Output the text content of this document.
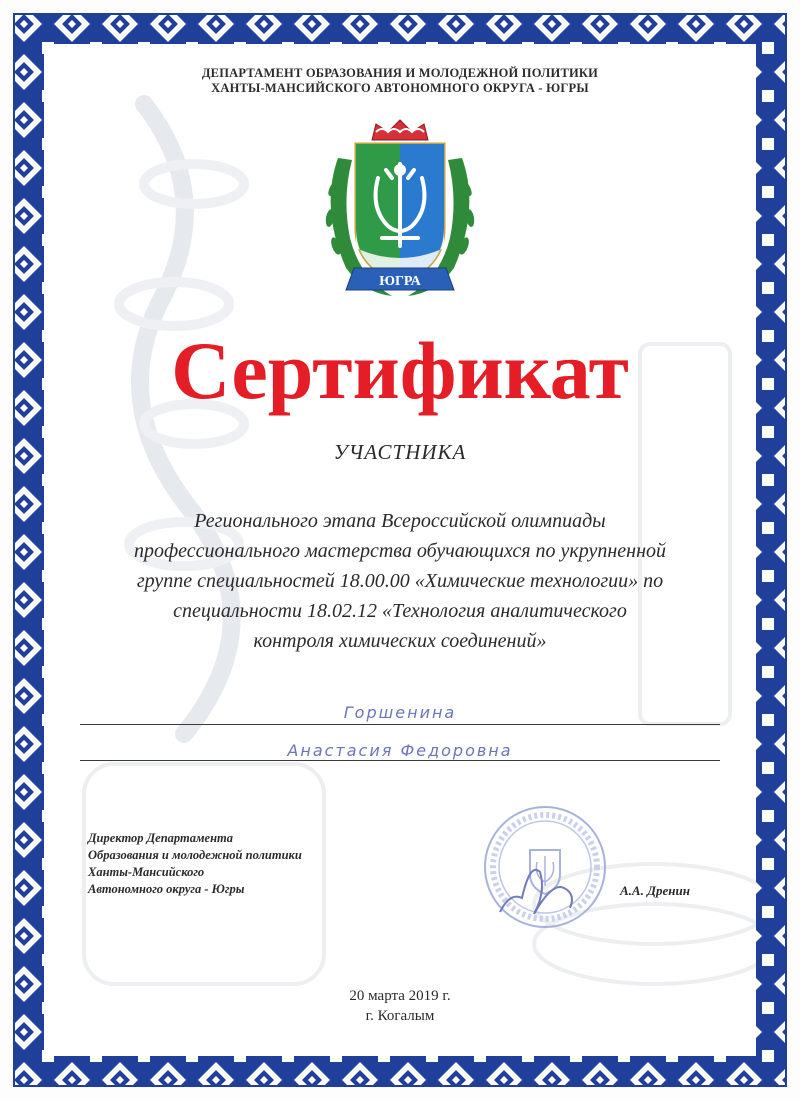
ДЕПАРТАМЕНТ ОБРАЗОВАНИЯ И МОЛОДЕЖНОЙ ПОЛИТИКИ
ХАНТЫ-МАНСИЙСКОГО АВТОНОМНОГО ОКРУГА - ЮГРЫ
ЮГРА
Сертификат
УЧАСТНИКА
Регионального этапа Всероссийской олимпиады
профессионального мастерства обучающихся по укрупненной
группе специальностей 18.00.00 «Химические технологии» по
специальности 18.02.12 «Технология аналитического
контроля химических соединений»
Горшенина
Анастасия Федоровна
Директор Департамента
Образования и молодежной политики
Ханты-Мансийского
Автономного округа - Югры	А.А. Дренин
20 марта 2019 г.
г. Когалым
